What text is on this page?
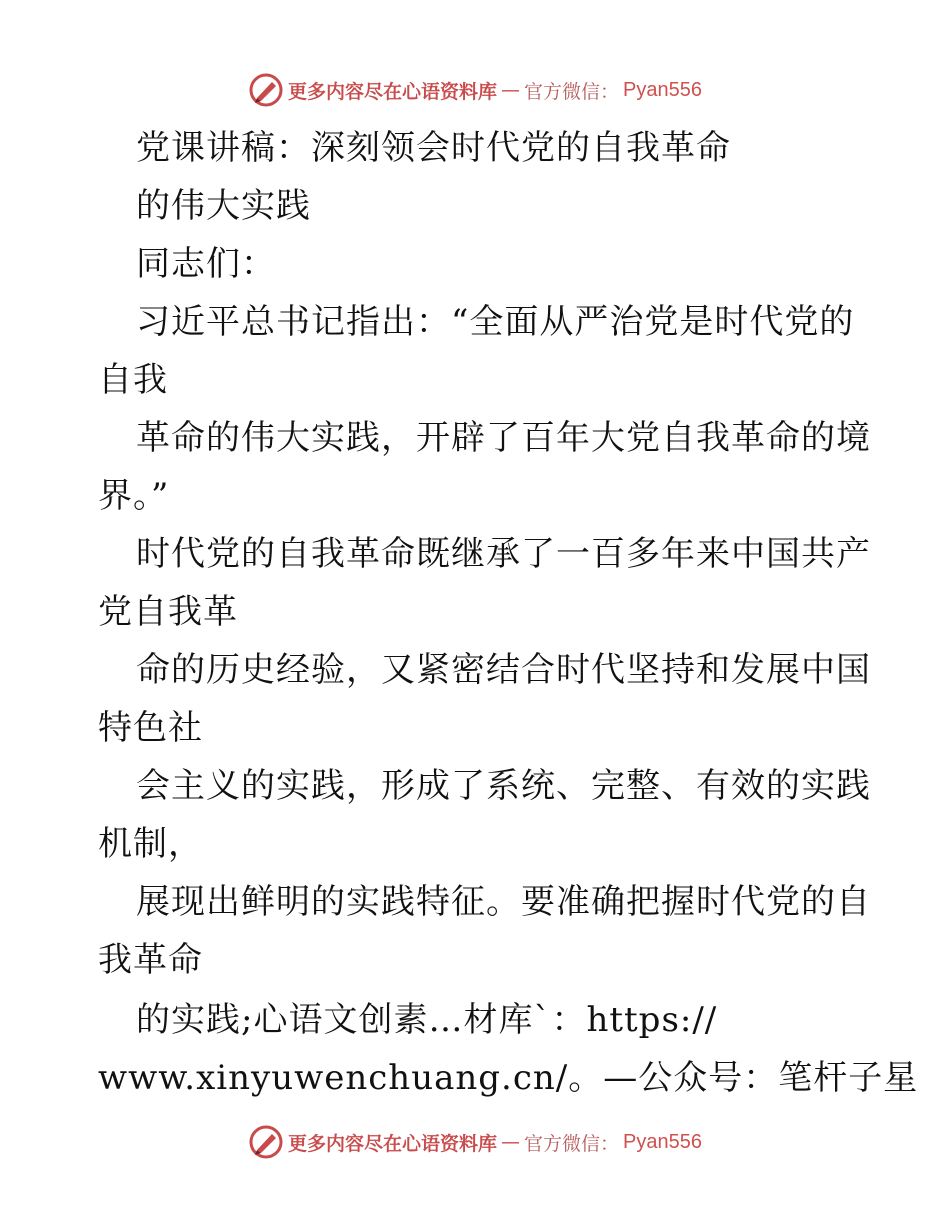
更多内容尽在心语资料库 — 官方微信： Pyan556
党课讲稿：深刻领会时代党的自我革命
的伟大实践
同志们：
习近平总书记指出：“全面从严治党是时代党的
自我
革命的伟大实践，开辟了百年大党自我革命的境
界。”
时代党的自我革命既继承了一百多年来中国共产
党自我革
命的历史经验，又紧密结合时代坚持和发展中国
特色社
会主义的实践，形成了系统、完整、有效的实践
机制，
展现出鲜明的实践特征。要准确把握时代党的自
我革命
的实践;心语文创素…材库`：https://
www.xinyuwenchuang.cn/。—公众号：笔杆子星
更多内容尽在心语资料库 — 官方微信： Pyan556
